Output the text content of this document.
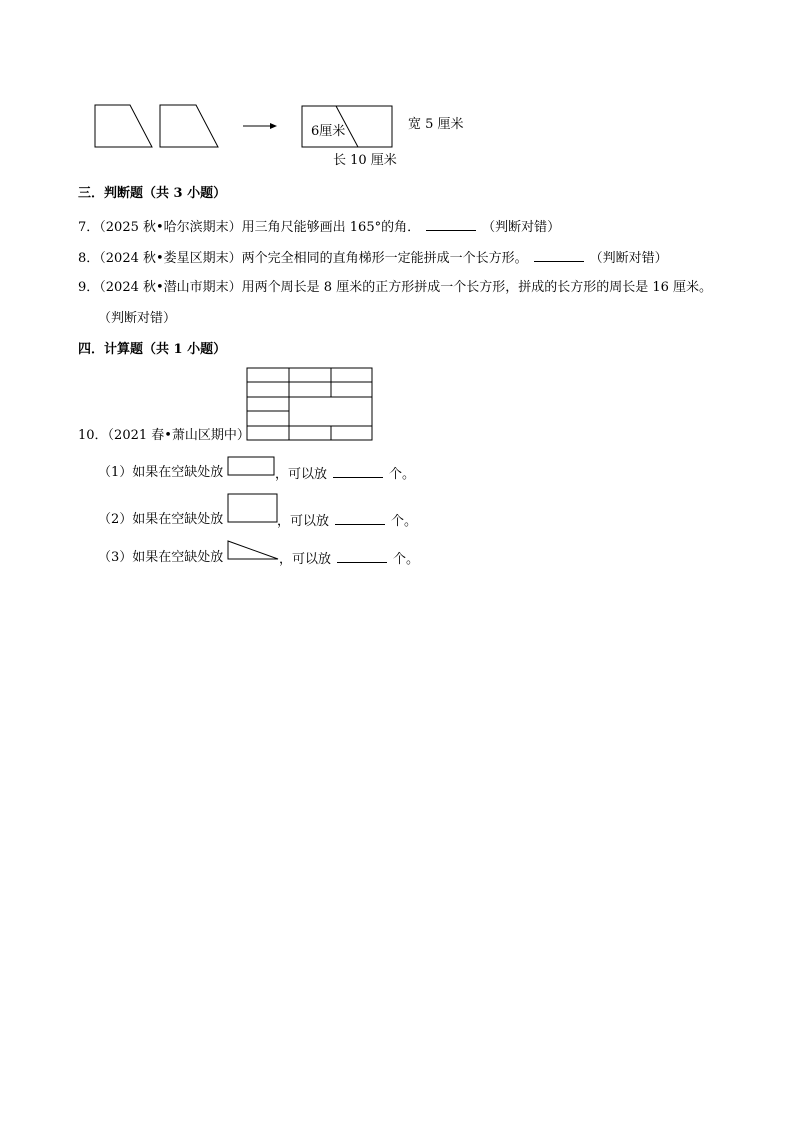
6厘米	宽 5 厘米
长 10 厘米
三．判断题（共 3 小题）
7．（2025 秋•哈尔滨期末）用三角尺能够画出 165°的角．	（判断对错）
8．（2024 秋•娄星区期末）两个完全相同的直角梯形一定能拼成一个长方形。	（判断对错）
9．（2024 秋•潜山市期末）用两个周长是 8 厘米的正方形拼成一个长方形，拼成的长方形的周长是 16 厘米。
（判断对错）
四．计算题（共 1 小题）
10．（2021 春•萧山区期中）
（1）如果在空缺处放	，可以放	个。
（2）如果在空缺处放	，可以放	个。
（3）如果在空缺处放	，可以放	个。
